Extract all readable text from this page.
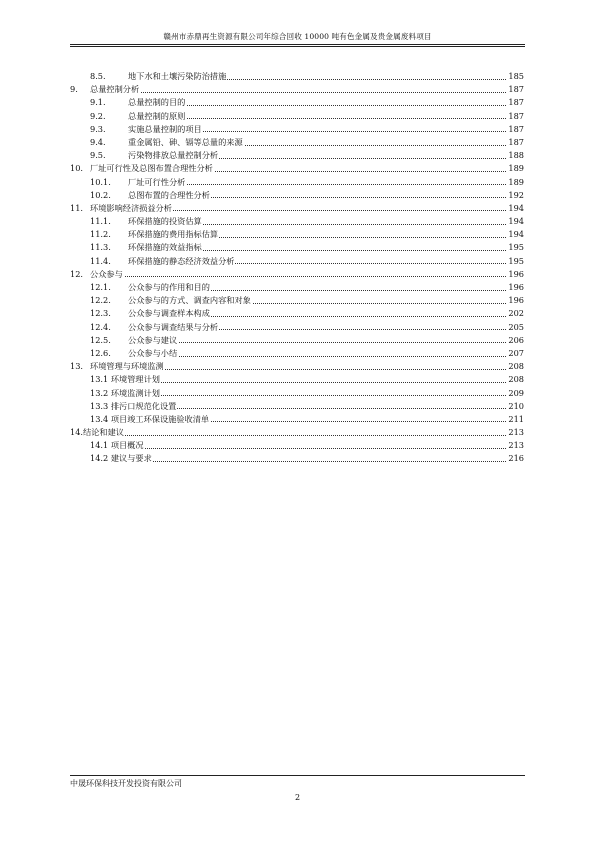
赣州市赤鼎再生资源有限公司年综合回收 10000 吨有色金属及贵金属废料项目
8.5.	地下水和土壤污染防治措施	185
9. 总量控制分析	187
9.1.	总量控制的目的	187
9.2.	总量控制的原则	187
9.3.	实施总量控制的项目	187
9.4.	重金属铅、砷、镉等总量的来源	187
9.5.	污染物排放总量控制分析	188
10. 厂址可行性及总图布置合理性分析	189
10.1. 厂址可行性分析	189
10.2. 总图布置的合理性分析	192
11. 环境影响经济损益分析	194
11.1. 环保措施的投资估算	194
11.2. 环保措施的费用指标估算	194
11.3. 环保措施的效益指标	195
11.4. 环保措施的静态经济效益分析	195
12. 公众参与	196
12.1. 公众参与的作用和目的	196
12.2. 公众参与的方式、调查内容和对象	196
12.3. 公众参与调查样本构成	202
12.4. 公众参与调查结果与分析	205
12.5. 公众参与建议	206
12.6. 公众参与小结	207
13. 环境管理与环境监测	208
13.1 环境管理计划	208
13.2 环境监测计划	209
13.3 排污口规范化设置	210
13.4 项目竣工环保设施验收清单	211
14.结论和建议	213
14.1 项目概况	213
14.2 建议与要求	216
中晟环保科技开发投资有限公司
2
